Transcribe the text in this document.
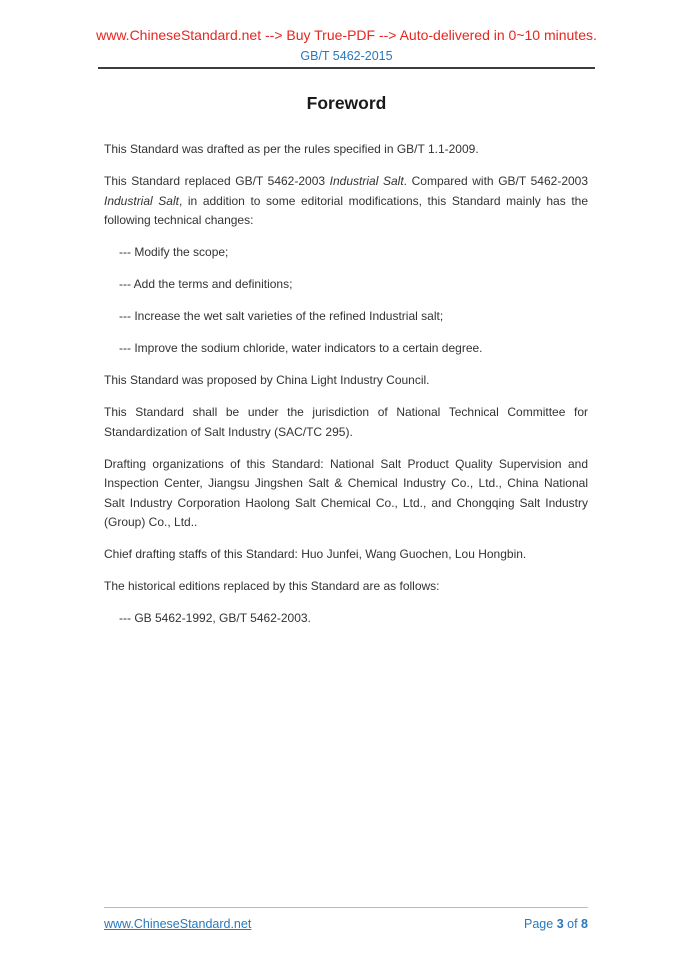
www.ChineseStandard.net --> Buy True-PDF --> Auto-delivered in 0~10 minutes.
GB/T 5462-2015
Foreword

This Standard was drafted as per the rules specified in GB/T 1.1-2009.

This Standard replaced GB/T 5462-2003 Industrial Salt. Compared with GB/T 5462-2003 Industrial Salt, in addition to some editorial modifications, this Standard mainly has the following technical changes:

--- Modify the scope;

--- Add the terms and definitions;

--- Increase the wet salt varieties of the refined Industrial salt;

--- Improve the sodium chloride, water indicators to a certain degree.

This Standard was proposed by China Light Industry Council.

This Standard shall be under the jurisdiction of National Technical Committee for Standardization of Salt Industry (SAC/TC 295).

Drafting organizations of this Standard: National Salt Product Quality Supervision and Inspection Center, Jiangsu Jingshen Salt & Chemical Industry Co., Ltd., China National Salt Industry Corporation Haolong Salt Chemical Co., Ltd., and Chongqing Salt Industry (Group) Co., Ltd..

Chief drafting staffs of this Standard: Huo Junfei, Wang Guochen, Lou Hongbin.

The historical editions replaced by this Standard are as follows:

--- GB 5462-1992, GB/T 5462-2003.

www.ChineseStandard.net	Page 3 of 8
